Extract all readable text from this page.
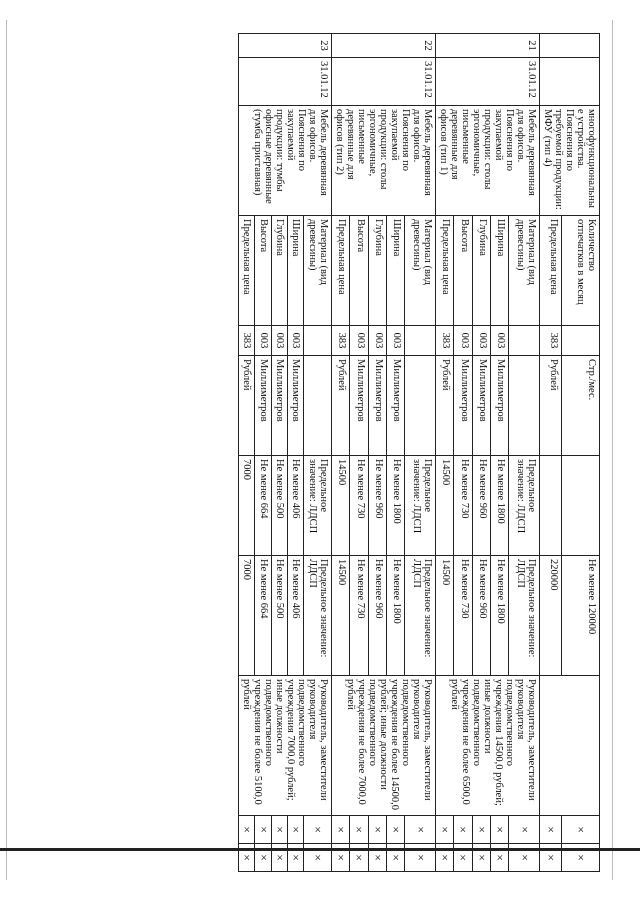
		многофункциональные устройства. Пояснения по требуемой продукции: МФУ (тип 4)	Количество отпечатков в месяц		Стр./мес.		Не менее 120000		×	×
			Предельная цена	383	Рублей		220000		×	×
21	31.01.12	Мебель деревянная для офисов. Пояснения по закупаемой продукции: столы эргономичные, письменные деревянные для офисов (тип 1)	Материал (вид древесины)			Предельное значение: ЛДСП	Предельное значение: ЛДСП	Руководитель, заместители руководителя подведомственного учреждения 14500,0 рублей; иные должности подведомственного учреждения не более 6500,0 рублей	×	×
			Ширина	003	Миллиметров	Не менее 1800	Не менее 1800		×	×
			Глубина	003	Миллиметров	Не менее 960	Не менее 960		×	×
			Высота	003	Миллиметров	Не менее 730	Не менее 730		×	×
			Предельная цена	383	Рублей	14500	14500		×	×
22	31.01.12	Мебель деревянная для офисов. Пояснения по закупаемой продукции: столы эргономичные, письменные деревянные для офисов (тип 2)	Материал (вид древесины)			Предельное значение: ЛДСП	Предельное значение: ЛДСП	Руководитель, заместители руководителя подведомственного учреждения не более 14500,0 рублей; иные должности подведомственного учреждения не более 7000,0 рублей	×	×
			Ширина	003	Миллиметров	Не менее 1800	Не менее 1800		×	×
			Глубина	003	Миллиметров	Не менее 960	Не менее 960		×	×
			Высота	003	Миллиметров	Не менее 730	Не менее 730		×	×
			Предельная цена	383	Рублей	14500	14500		×	×
23	31.01.12	Мебель деревянная для офисов. Пояснения по закупаемой продукции: тумбы офисные деревянные (тумба приставная)	Материал (вид древесины)			Предельное значение: ЛДСП	Предельное значение: ЛДСП	Руководитель, заместители руководителя подведомственного учреждения 7000,0 рублей; иные должности подведомственного учреждения не более 5100,0 рублей	×	×
			Ширина	003	Миллиметров	Не менее 406	Не менее 406		×	×
			Глубина	003	Миллиметров	Не менее 500	Не менее 500		×	×
			Высота	003	Миллиметров	Не менее 664	Не менее 664		×	×
			Предельная цена	383	Рублей	7000	7000		×	×
